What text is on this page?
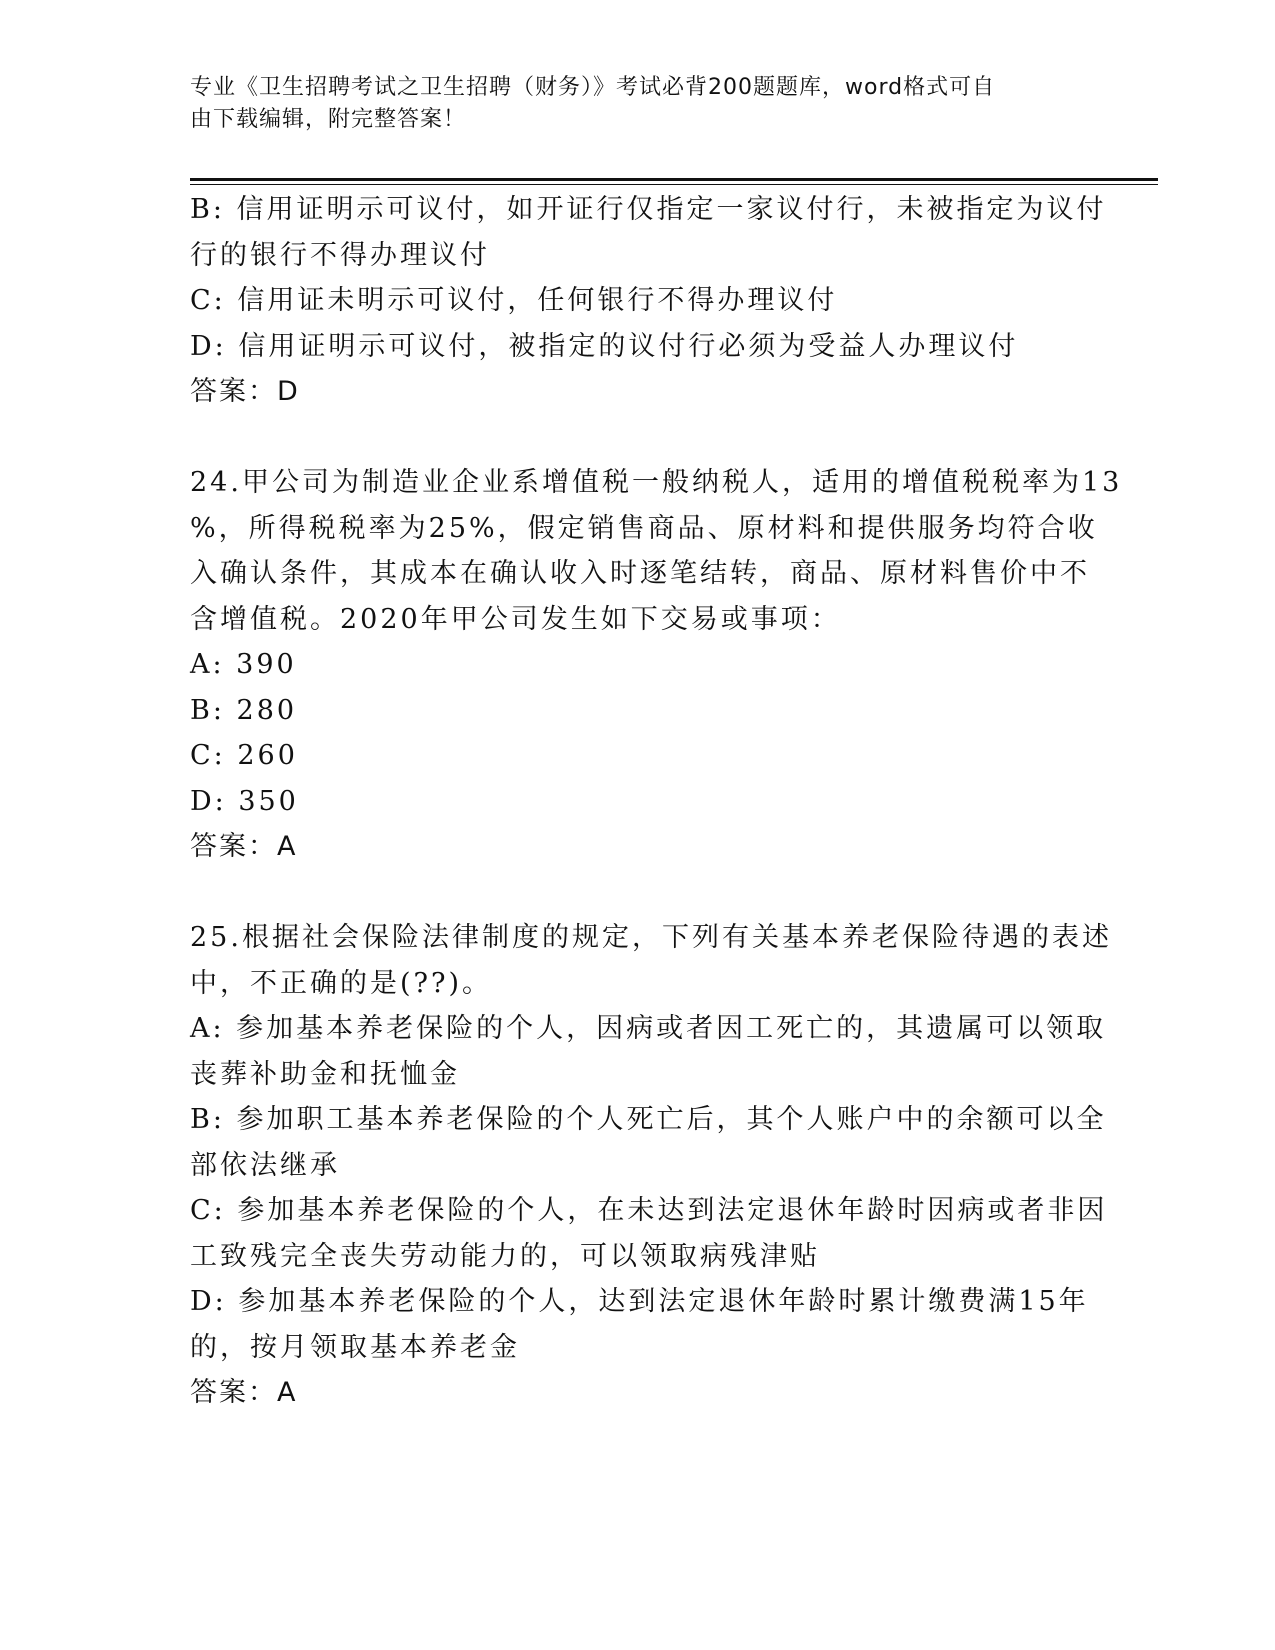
专业《卫生招聘考试之卫生招聘（财务）》考试必背200题题库，word格式可自
由下载编辑，附完整答案！
B: 信用证明示可议付，如开证行仅指定一家议付行，未被指定为议付
行的银行不得办理议付
C: 信用证未明示可议付，任何银行不得办理议付
D: 信用证明示可议付，被指定的议付行必须为受益人办理议付
答案：D
24.甲公司为制造业企业系增值税一般纳税人，适用的增值税税率为13
%，所得税税率为25%，假定销售商品、原材料和提供服务均符合收
入确认条件，其成本在确认收入时逐笔结转，商品、原材料售价中不
含增值税。2020年甲公司发生如下交易或事项：
A: 390
B: 280
C: 260
D: 350
答案：A
25.根据社会保险法律制度的规定，下列有关基本养老保险待遇的表述
中，不正确的是(??)。
A: 参加基本养老保险的个人，因病或者因工死亡的，其遗属可以领取
丧葬补助金和抚恤金
B: 参加职工基本养老保险的个人死亡后，其个人账户中的余额可以全
部依法继承
C: 参加基本养老保险的个人，在未达到法定退休年龄时因病或者非因
工致残完全丧失劳动能力的，可以领取病残津贴
D: 参加基本养老保险的个人，达到法定退休年龄时累计缴费满15年
的，按月领取基本养老金
答案：A
